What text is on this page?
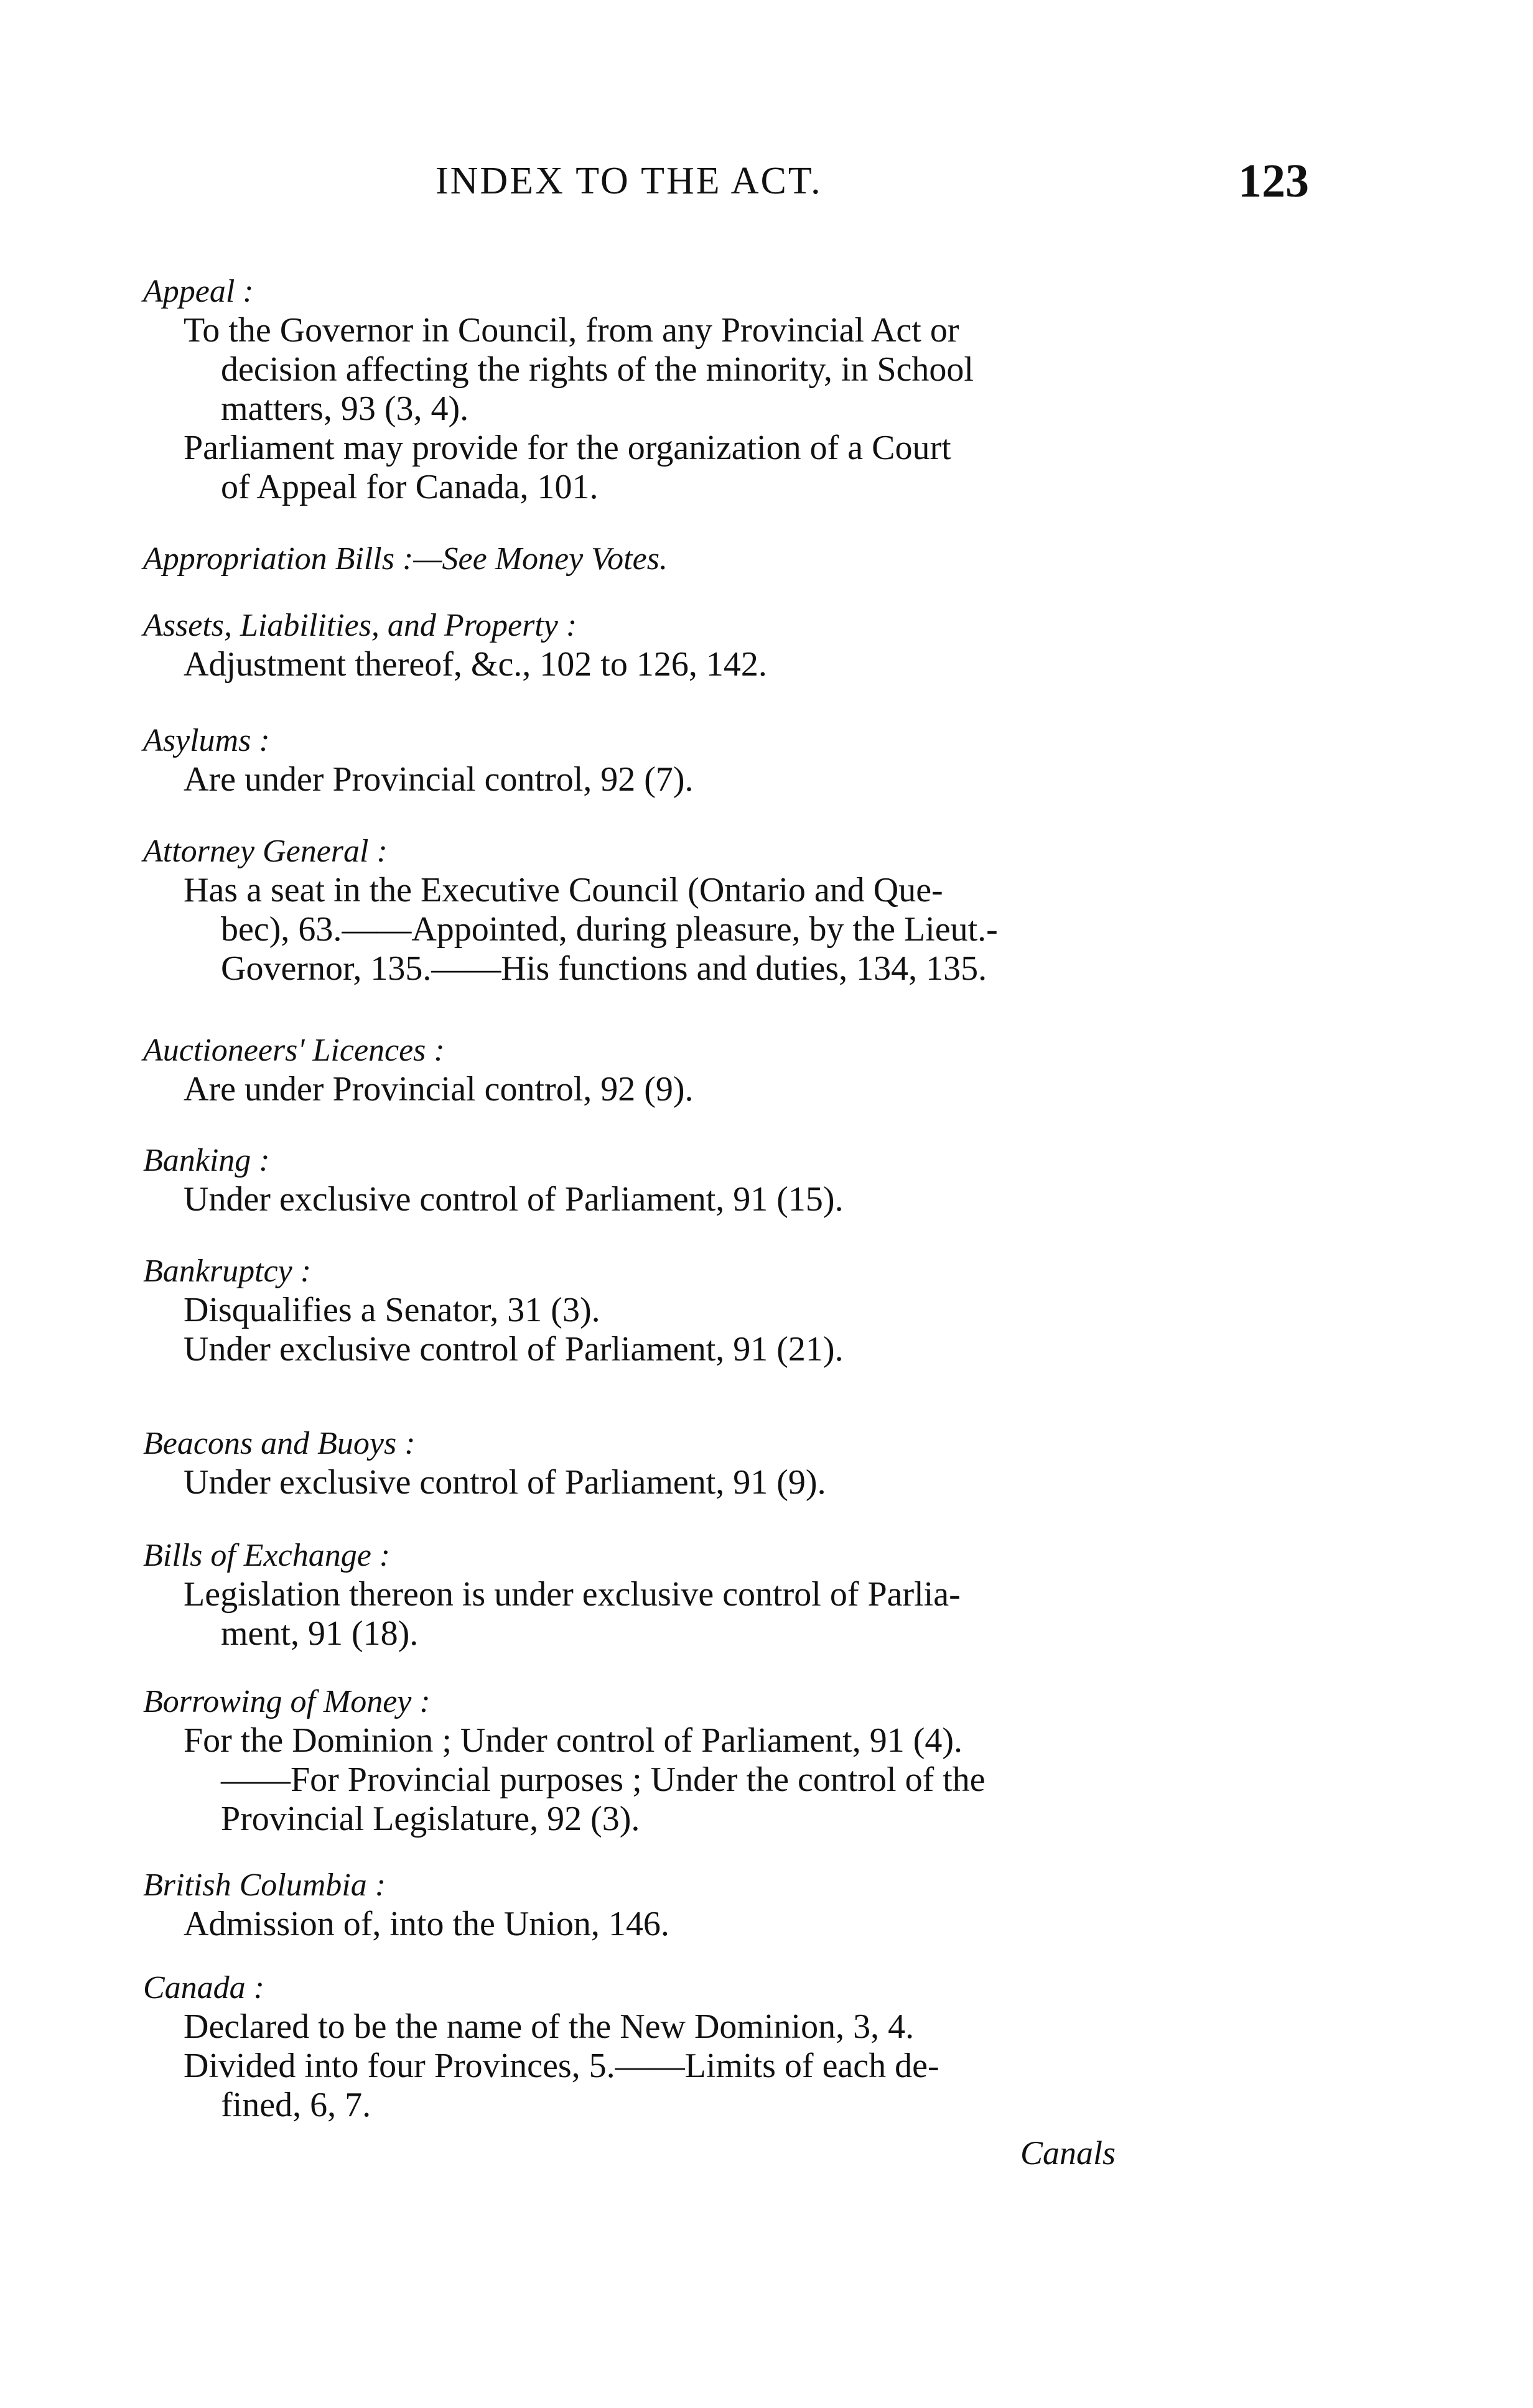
INDEX TO THE ACT.	123
Appeal :
To the Governor in Council, from any Provincial Act or
decision affecting the rights of the minority, in School
matters, 93 (3, 4).
Parliament may provide for the organization of a Court
of Appeal for Canada, 101.
Appropriation Bills :—See Money Votes.
Assets, Liabilities, and Property :
Adjustment thereof, &c., 102 to 126, 142.
Asylums :
Are under Provincial control, 92 (7).
Attorney General :
Has a seat in the Executive Council (Ontario and Que-
bec), 63.——Appointed, during pleasure, by the Lieut.-
Governor, 135.——His functions and duties, 134, 135.
Auctioneers' Licences :
Are under Provincial control, 92 (9).
Banking :
Under exclusive control of Parliament, 91 (15).
Bankruptcy :
Disqualifies a Senator, 31 (3).
Under exclusive control of Parliament, 91 (21).
Beacons and Buoys :
Under exclusive control of Parliament, 91 (9).
Bills of Exchange :
Legislation thereon is under exclusive control of Parlia-
ment, 91 (18).
Borrowing of Money :
For the Dominion ; Under control of Parliament, 91 (4).
——For Provincial purposes ; Under the control of the
Provincial Legislature, 92 (3).
British Columbia :
Admission of, into the Union, 146.
Canada :
Declared to be the name of the New Dominion, 3, 4.
Divided into four Provinces, 5.——Limits of each de-
fined, 6, 7.
Canals
